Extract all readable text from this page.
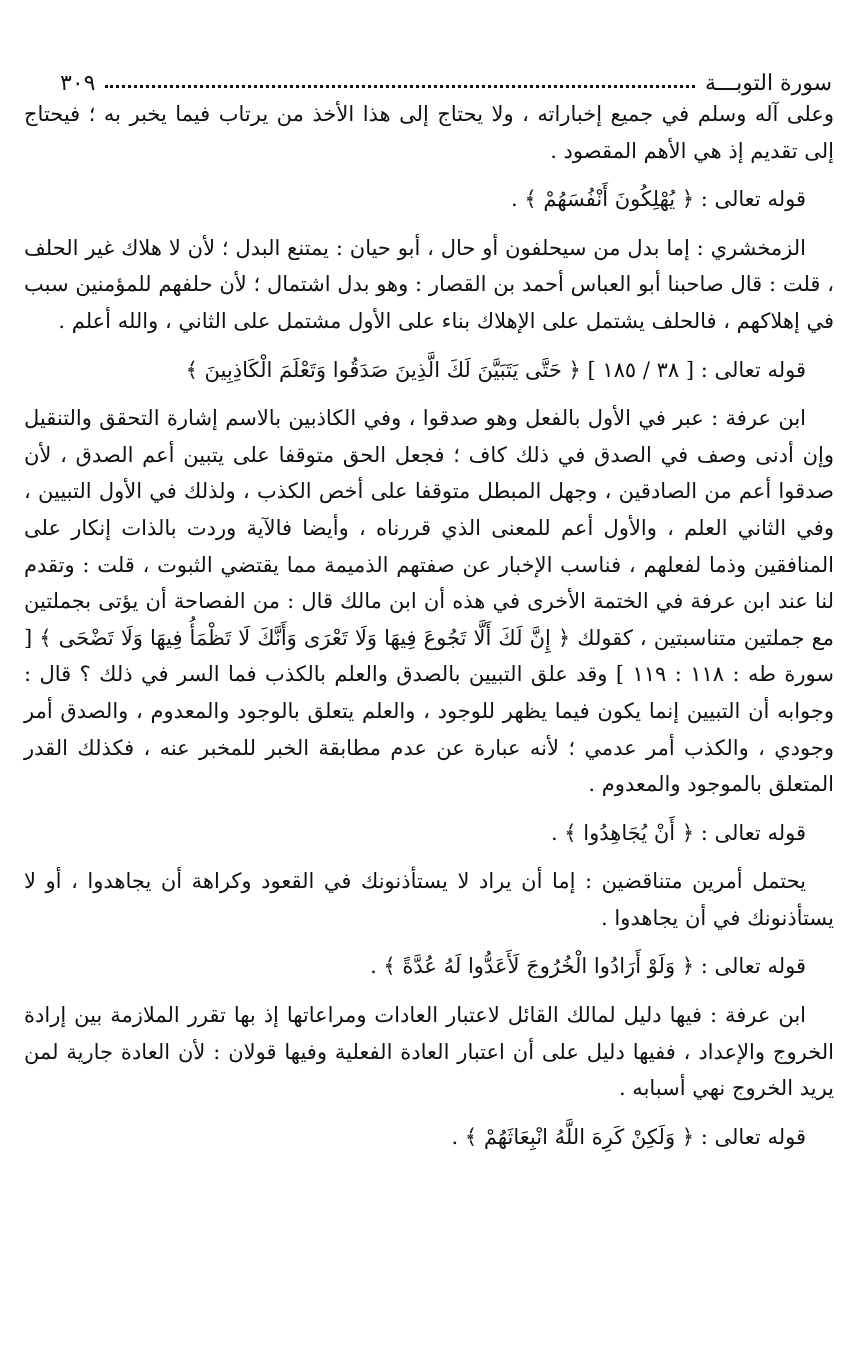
سورة التوبـــة
٣٠٩

وعلى آله وسلم في جميع إخباراته ، ولا يحتاج إلى هذا الأخذ من يرتاب فيما يخبر به ؛ فيحتاج إلى تقديم إذ هي الأهم المقصود .

قوله تعالى : ﴿ يُهْلِكُونَ أَنْفُسَهُمْ ﴾ .

الزمخشري : إما بدل من سيحلفون أو حال ، أبو حيان : يمتنع البدل ؛ لأن لا هلاك غير الحلف ، قلت : قال صاحبنا أبو العباس أحمد بن القصار : وهو بدل اشتمال ؛ لأن حلفهم للمؤمنين سبب في إهلاكهم ، فالحلف يشتمل على الإهلاك بناء على الأول مشتمل على الثاني ، والله أعلم .

قوله تعالى : [ ٣٨ / ١٨٥ ] ﴿ حَتَّى يَتَبَيَّنَ لَكَ الَّذِينَ صَدَقُوا وَتَعْلَمَ الْكَاذِبِينَ ﴾

ابن عرفة : عبر في الأول بالفعل وهو صدقوا ، وفي الكاذبين بالاسم إشارة التحقق والتنقيل وإن أدنى وصف في الصدق في ذلك كاف ؛ فجعل الحق متوقفا على يتبين أعم الصدق ، لأن صدقوا أعم من الصادقين ، وجهل المبطل متوقفا على أخص الكذب ، ولذلك في الأول التبيين ، وفي الثاني العلم ، والأول أعم للمعنى الذي قررناه ، وأيضا فالآية وردت بالذات إنكار على المنافقين وذما لفعلهم ، فناسب الإخبار عن صفتهم الذميمة مما يقتضي الثبوت ، قلت : وتقدم لنا عند ابن عرفة في الختمة الأخرى في هذه أن ابن مالك قال : من الفصاحة أن يؤتى بجملتين مع جملتين متناسبتين ، كقولك ﴿ إِنَّ لَكَ أَلَّا تَجُوعَ فِيهَا وَلَا تَعْرَى وَأَنَّكَ لَا تَظْمَأُ فِيهَا وَلَا تَضْحَى ﴾ [ سورة طه : ١١٨ : ١١٩ ] وقد علق التبيين بالصدق والعلم بالكذب فما السر في ذلك ؟ قال : وجوابه أن التبيين إنما يكون فيما يظهر للوجود ، والعلم يتعلق بالوجود والمعدوم ، والصدق أمر وجودي ، والكذب أمر عدمي ؛ لأنه عبارة عن عدم مطابقة الخبر للمخبر عنه ، فكذلك القدر المتعلق بالموجود والمعدوم .

قوله تعالى : ﴿ أَنْ يُجَاهِدُوا ﴾ .

يحتمل أمرين متناقضين : إما أن يراد لا يستأذنونك في القعود وكراهة أن يجاهدوا ، أو لا يستأذنونك في أن يجاهدوا .

قوله تعالى : ﴿ وَلَوْ أَرَادُوا الْخُرُوجَ لَأَعَدُّوا لَهُ عُدَّةً ﴾ .

ابن عرفة : فيها دليل لمالك القائل لاعتبار العادات ومراعاتها إذ بها تقرر الملازمة بين إرادة الخروج والإعداد ، ففيها دليل على أن اعتبار العادة الفعلية وفيها قولان : لأن العادة جارية لمن يريد الخروج نهي أسبابه .

قوله تعالى : ﴿ وَلَكِنْ كَرِهَ اللَّهُ انْبِعَاثَهُمْ ﴾ .
